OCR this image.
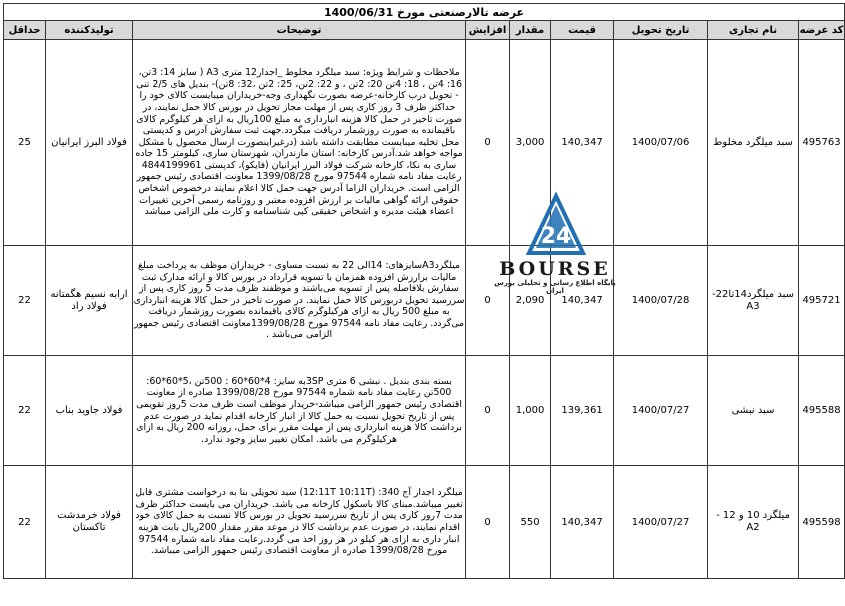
عرضه تالارصنعتی مورخ 1400/06/31								
کد عرضه	نام تجاری	تاریخ تحویل	قیمت	مقدار	افزایش	توضیحات	تولیدکننده	حداقل
495763	سبد میلگرد مخلوط	1400/07/06	140,347	3,000	0	ملاحظات و شرایط ویژه: سبد میلگرد مخلوط _اجدار12 متری A3 ( سایز 14: 3تن، 16: 4تن ، 18: 4تن 20: 2تن ، و 22: 2تن، 25: 2تن ،32: 8تن)- بندیل های 2/5 تنی - تحویل درب کارخانه-عرضه بصورت نگهداری وجه-خریداران میبایست کالای خود را حداکثر ظرف 3 روز کاری پس از مهلت مجاز تحویل در بورس کالا حمل نمایند، در صورت تاخیر در حمل کالا هزینه انبارداری به مبلغ 100ریال به ازای هر کیلوگرم کالای باقیمانده به صورت روزشمار دریافت میگردد.جهت ثبت سفارش آدرس و کدپستی محل تخلیه میبایست مطابقت داشته باشد (درغیراینصورت ارسال محصول با مشکل مواجه خواهد شد.آدرس کارخانه: استان مازندران، شهرستان ساری، کیلومتر 15 جاده ساری به نکا، کارخانه شرکت فولاد البرز ایرانیان (فایکو)، کدپستی 4844199961 رعایت مفاد نامه شماره 97544 مورخ 1399/08/28 معاونت اقتصادی رئیس جمهور الزامی است. خریداران الزاما آدرس جهت حمل کالا اعلام نمایند درخصوص اشخاص حقوقی ارائه گواهی مالیات بر ارزش افزوده معتبر و روزنامه رسمی آخرین تغییرات اعضاء هیئت مدیره و اشخاص حقیقی کپی شناسنامه و کارت ملی الزامی میباشد	فولاد البرز ایرانیان	25
495721	سبد میلگرد14تا22-A3	1400/07/28	140,347	2,090	0	میلگردA3سایزهای: 14الی 22 به نسبت مساوی - خریداران موظف به پرداخت مبلغ مالیات برارزش افزوده همزمان با تسویه قرارداد در بورس کالا و ارائه مدارک ثبت سفارش بلافاصله پس از تسویه می‌باشند و موظفند ظرف مدت 5 روز کاری پس از سررسید تحویل دربورس کالا حمل نمایند. در صورت تاخیر در حمل کالا هزینه انبارداری به مبلغ 500 ریال به ازای هرکیلوگرم کالای باقیمانده بصورت روزشمار دریافت می‌گردد. رعایت مفاد نامه 97544 مورخ 1399/08/28معاونت اقتصادی رئیس جمهور الزامی می‌باشد .	ارابه نسیم هگمتانه فولاد راد	22
495588	سبد نبشی	1400/07/27	139,361	1,000	0	بسته بندی بندیل . نبشی 6 متری 3SPبه سایز: 4*60*60 : 500تن ،5*60*60: 500تن رعایت مفاد نامه شماره 97544 مورخ 1399/08/28 صادره از معاونت اقتصادی رئیس جمهور الزامی میباشد-خریدار موظف است ظرف مدت 5روز تقویمی پس از تاریخ تحویل نسبت به حمل کالا از انبار کارخانه اقدام نماید در صورت عدم برداشت کالا هزینه انبارداری پس از مهلت مقرر برای حمل، روزانه 200 ریال به ازای هرکیلوگرم می باشد. امکان تغییر سایز وجود ندارد.	فولاد جاوید بناب	22
495598	میلگرد 10 و 12 - A2	1400/07/27	140,347	550	0	میلگرد اجدار آج 340: (12:11T 10:11T) سبد تحویلی بنا به درخواست مشتری قابل تغییر میباشد.مبنای کالا باسکول کارخانه می باشد. خریداران می بایست حداکثر ظرف مدت 7روز کاری پس از تاریخ سررسید تحویل در بورس کالا نسبت به حمل کالای خود اقدام نمایند، در صورت عدم برداشت کالا در موعد مقرر مقدار 200ریال بابت هزینه انبار داری به ازای هر کیلو در هر روز اخذ می گردد.رعایت مفاد نامه شماره 97544 مورخ 1399/08/28 صادره از معاونت اقتصادی رئیس جمهور الزامی میباشد.	فولاد خرمدشت تاکستان	22
24
BOURSE
پایگاه اطلاع رسانی و تحلیلی بورس ایران
